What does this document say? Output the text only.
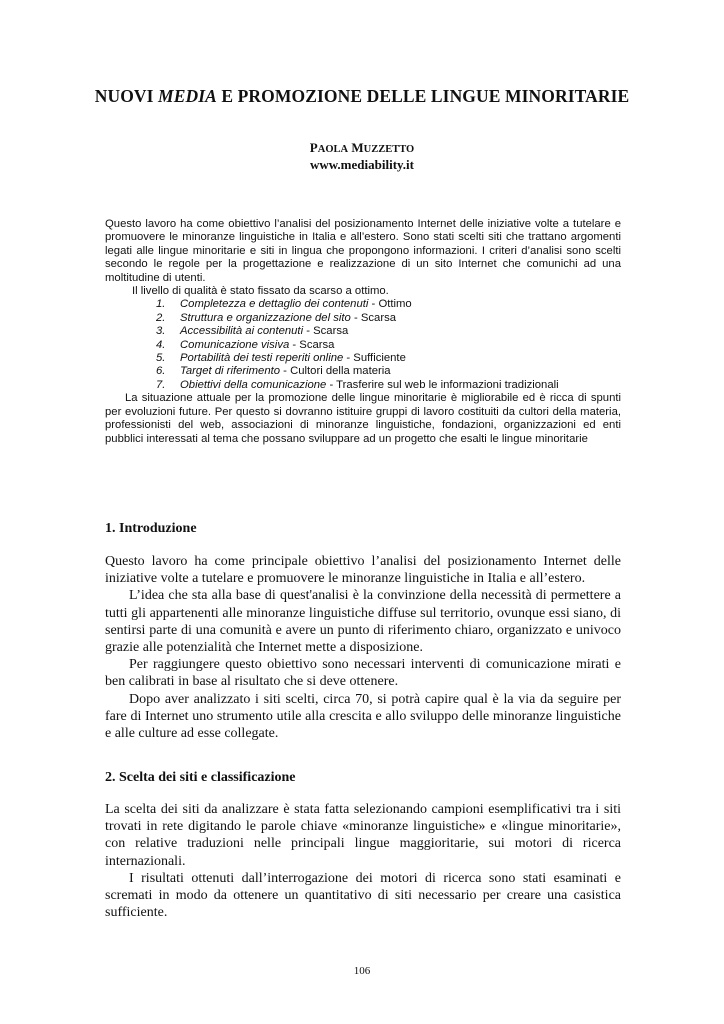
NUOVI MEDIA E PROMOZIONE DELLE LINGUE MINORITARIE
PAOLA MUZZETTO
www.mediability.it

Questo lavoro ha come obiettivo l’analisi del posizionamento Internet delle iniziative volte a tutelare e promuovere le minoranze linguistiche in Italia e all’estero. Sono stati scelti siti che trattano argomenti legati alle lingue minoritarie e siti in lingua che propongono informazioni. I criteri d’analisi sono scelti secondo le regole per la progettazione e realizzazione di un sito Internet che comunichi ad una moltitudine di utenti.

Il livello di qualità è stato fissato da scarso a ottimo.

1.	Completezza e dettaglio dei contenuti - Ottimo
2.	Struttura e organizzazione del sito - Scarsa
3.	Accessibilità ai contenuti - Scarsa
4.	Comunicazione visiva - Scarsa
5.	Portabilità dei testi reperiti online - Sufficiente
6.	Target di riferimento - Cultori della materia
7.	Obiettivi della comunicazione - Trasferire sul web le informazioni tradizionali

La situazione attuale per la promozione delle lingue minoritarie è migliorabile ed è ricca di spunti per evoluzioni future. Per questo si dovranno istituire gruppi di lavoro costituiti da cultori della materia, professionisti del web, associazioni di minoranze linguistiche, fondazioni, organizzazioni ed enti pubblici interessati al tema che possano sviluppare ad un progetto che esalti le lingue minoritarie

1. Introduzione

Questo lavoro ha come principale obiettivo l’analisi del posizionamento Internet delle iniziative volte a tutelare e promuovere le minoranze linguistiche in Italia e all’estero.

L’idea che sta alla base di quest'analisi è la convinzione della necessità di permettere a tutti gli appartenenti alle minoranze linguistiche diffuse sul territorio, ovunque essi siano, di sentirsi parte di una comunità e avere un punto di riferimento chiaro, organizzato e univoco grazie alle potenzialità che Internet mette a disposizione.

Per raggiungere questo obiettivo sono necessari interventi di comunicazione mirati e ben calibrati in base al risultato che si deve ottenere.

Dopo aver analizzato i siti scelti, circa 70, si potrà capire qual è la via da seguire per fare di Internet uno strumento utile alla crescita e allo sviluppo delle minoranze linguistiche e alle culture ad esse collegate.

2. Scelta dei siti e classificazione

La scelta dei siti da analizzare è stata fatta selezionando campioni esemplificativi tra i siti trovati in rete digitando le parole chiave «minoranze linguistiche» e «lingue minoritarie», con relative traduzioni nelle principali lingue maggioritarie, sui motori di ricerca internazionali.

I risultati ottenuti dall’interrogazione dei motori di ricerca sono stati esaminati e scremati in modo da ottenere un quantitativo di siti necessario per creare una casistica sufficiente.

106
